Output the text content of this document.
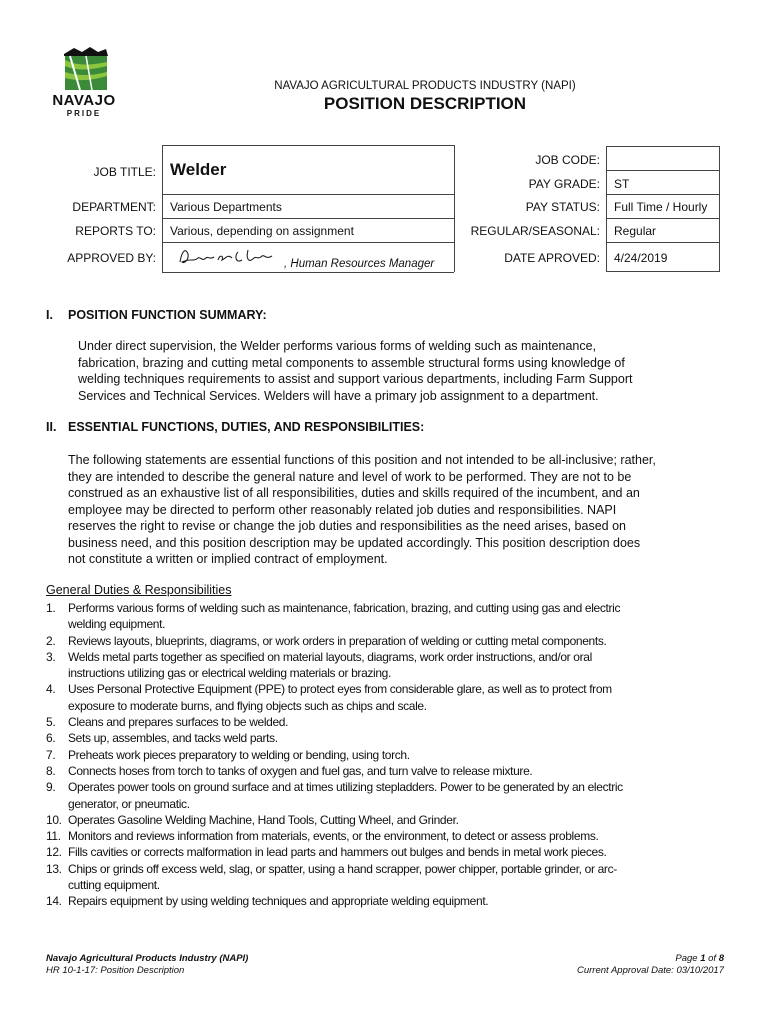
NAVAJO
PRIDE
NAVAJO AGRICULTURAL PRODUCTS INDUSTRY (NAPI)
POSITION DESCRIPTION
JOB TITLE: Welder
DEPARTMENT: Various Departments
REPORTS TO: Various, depending on assignment
APPROVED BY:	, Human Resources Manager
JOB CODE:
PAY GRADE: ST
PAY STATUS: Full Time / Hourly
REGULAR/SEASONAL: Regular
DATE APROVED: 4/24/2019
I. POSITION FUNCTION SUMMARY:
Under direct supervision, the Welder performs various forms of welding such as maintenance,
fabrication, brazing and cutting metal components to assemble structural forms using knowledge of
welding techniques requirements to assist and support various departments, including Farm Support
Services and Technical Services. Welders will have a primary job assignment to a department.
II. ESSENTIAL FUNCTIONS, DUTIES, AND RESPONSIBILITIES:
The following statements are essential functions of this position and not intended to be all-inclusive; rather,
they are intended to describe the general nature and level of work to be performed. They are not to be
construed as an exhaustive list of all responsibilities, duties and skills required of the incumbent, and an
employee may be directed to perform other reasonably related job duties and responsibilities. NAPI
reserves the right to revise or change the job duties and responsibilities as the need arises, based on
business need, and this position description may be updated accordingly. This position description does
not constitute a written or implied contract of employment.
General Duties & Responsibilities
1.	Performs various forms of welding such as maintenance, fabrication, brazing, and cutting using gas and electric
welding equipment.
2.	Reviews layouts, blueprints, diagrams, or work orders in preparation of welding or cutting metal components.
3.	Welds metal parts together as specified on material layouts, diagrams, work order instructions, and/or oral
instructions utilizing gas or electrical welding materials or brazing.
4.	Uses Personal Protective Equipment (PPE) to protect eyes from considerable glare, as well as to protect from
exposure to moderate burns, and flying objects such as chips and scale.
5.	Cleans and prepares surfaces to be welded.
6.	Sets up, assembles, and tacks weld parts.
7.	Preheats work pieces preparatory to welding or bending, using torch.
8.	Connects hoses from torch to tanks of oxygen and fuel gas, and turn valve to release mixture.
9.	Operates power tools on ground surface and at times utilizing stepladders. Power to be generated by an electric
generator, or pneumatic.
10. Operates Gasoline Welding Machine, Hand Tools, Cutting Wheel, and Grinder.
11. Monitors and reviews information from materials, events, or the environment, to detect or assess problems.
12. Fills cavities or corrects malformation in lead parts and hammers out bulges and bends in metal work pieces.
13. Chips or grinds off excess weld, slag, or spatter, using a hand scrapper, power chipper, portable grinder, or arc-
cutting equipment.
14. Repairs equipment by using welding techniques and appropriate welding equipment.
Navajo Agricultural Products Industry (NAPI)
HR 10-1-17: Position Description
Page 1 of 8
Current Approval Date: 03/10/2017
